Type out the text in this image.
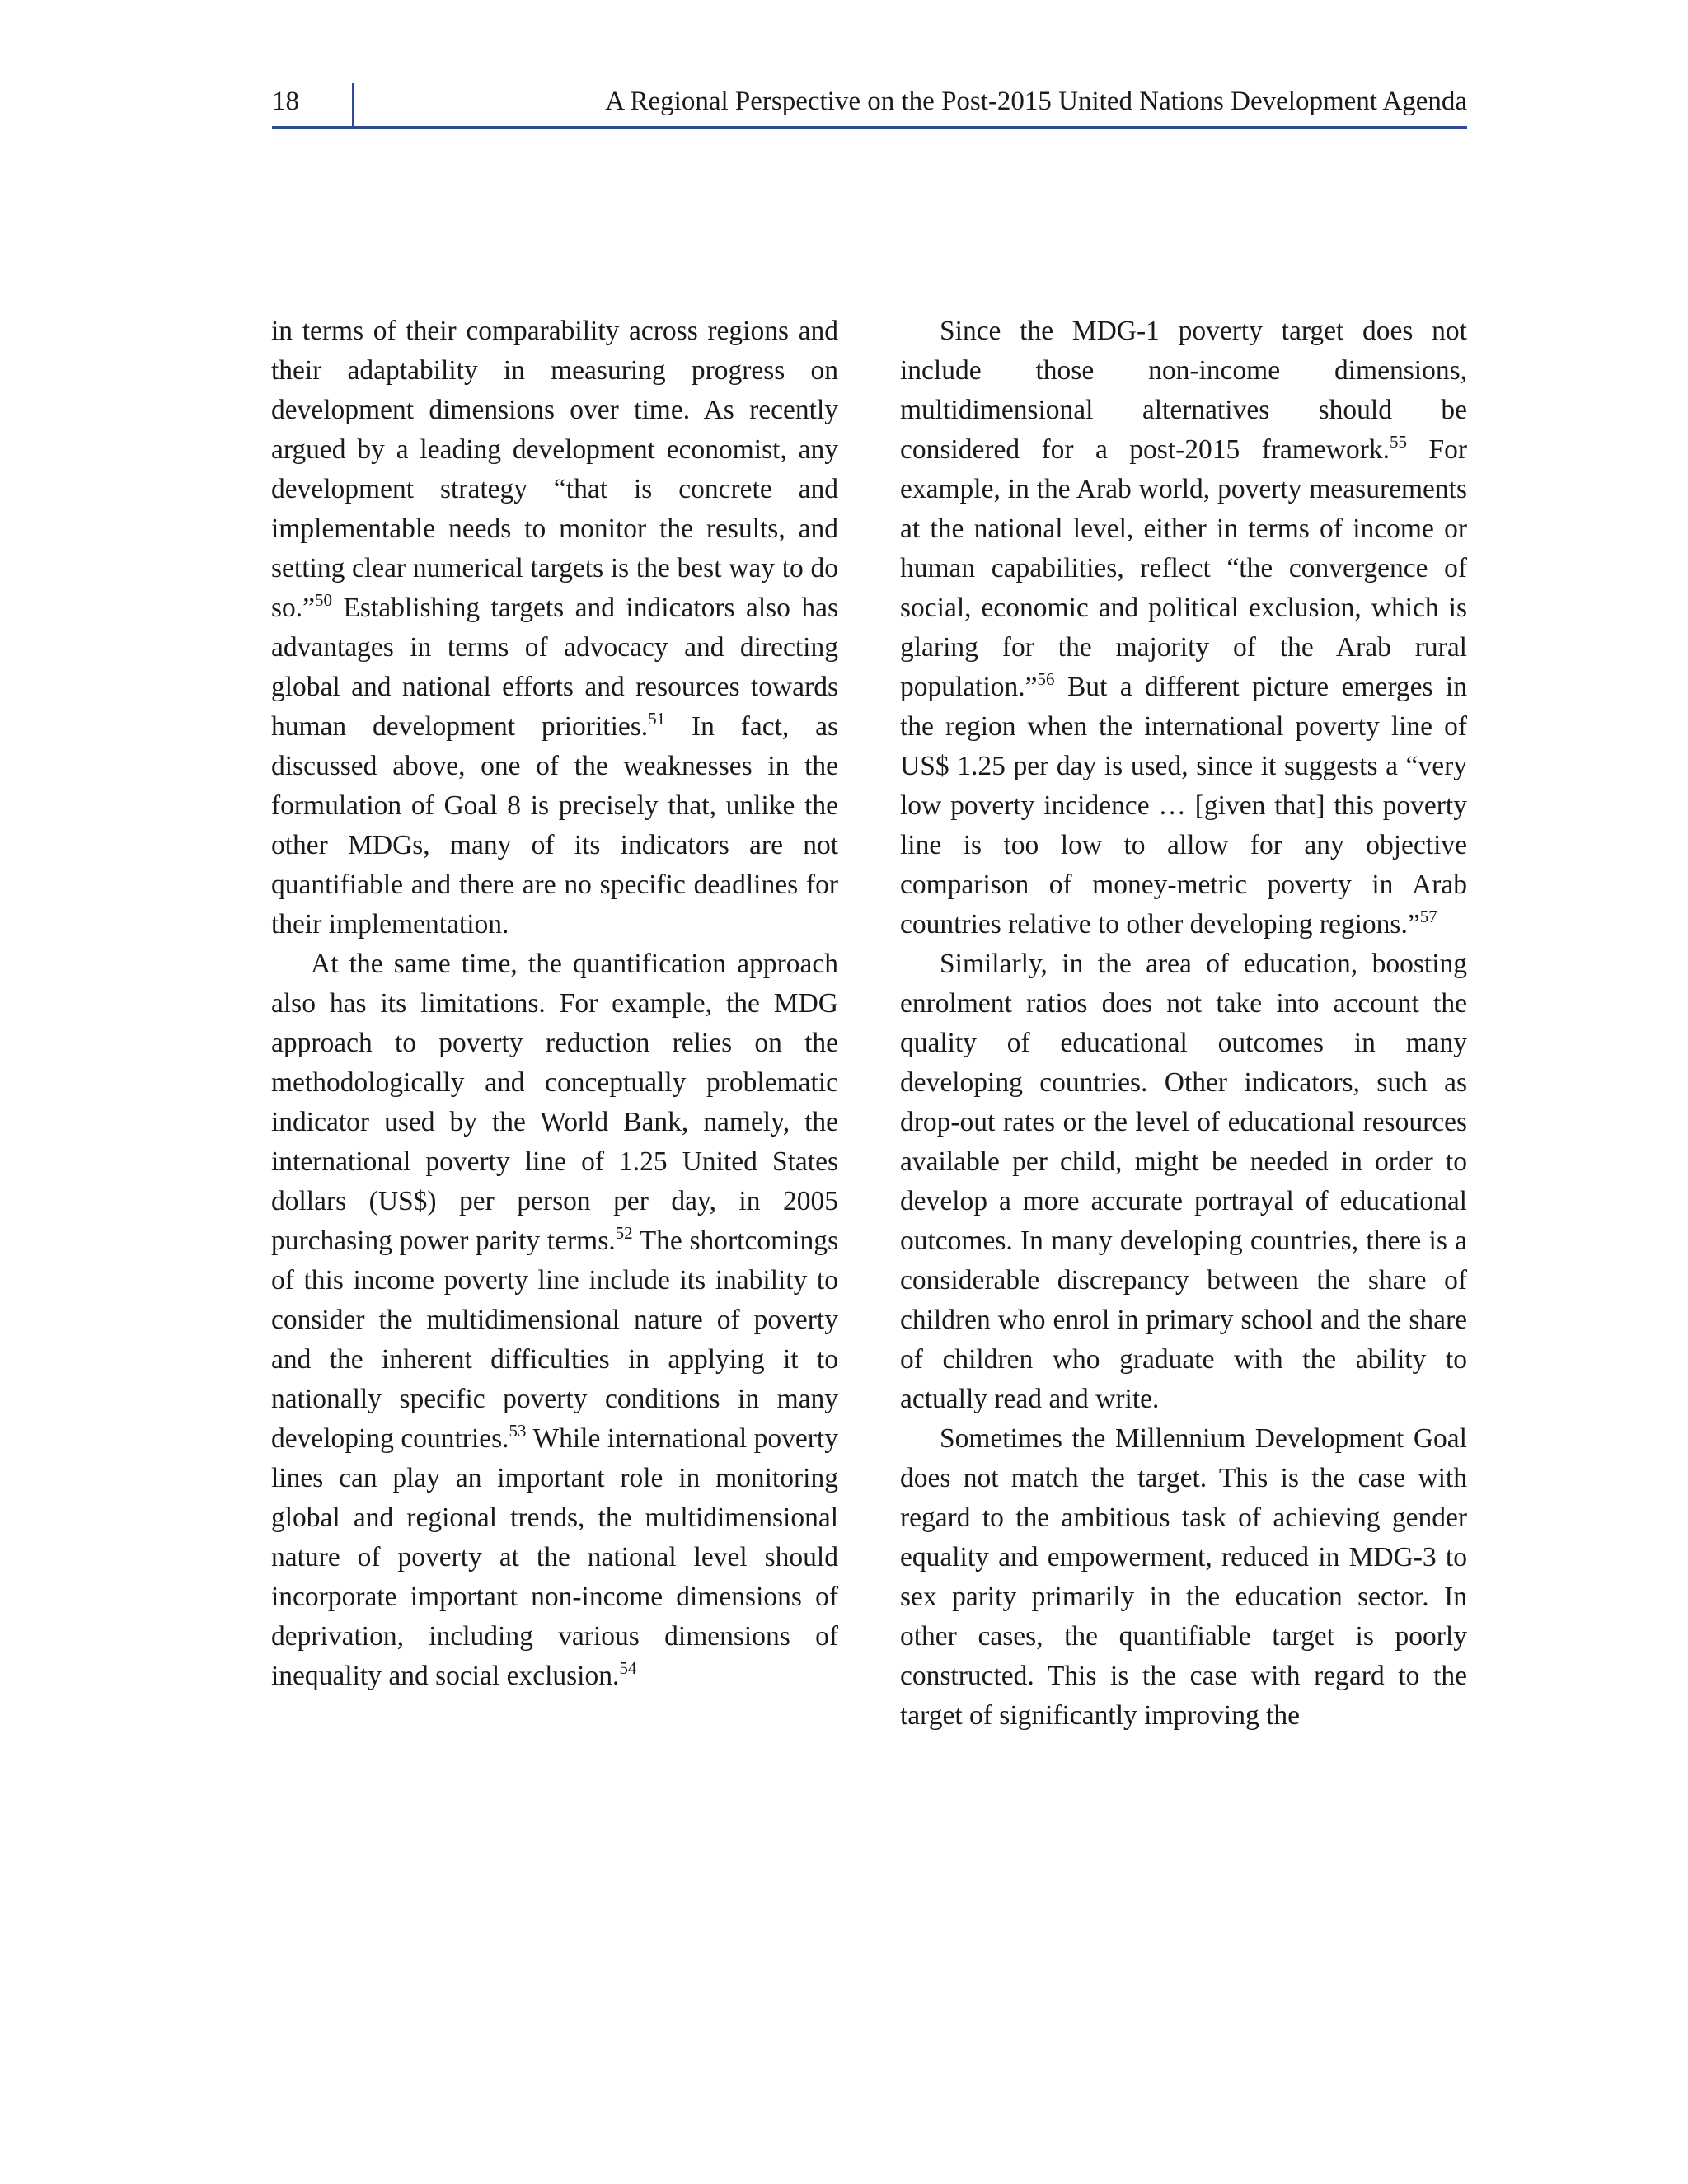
18	A Regional Perspective on the Post-2015 United Nations Development Agenda

in terms of their comparability across regions and their adaptability in measuring progress on development dimensions over time. As recently argued by a leading development economist, any development strategy “that is concrete and implementable needs to monitor the results, and setting clear numerical targets is the best way to do so.”$^{50}$ Establishing targets and indicators also has advantages in terms of advocacy and directing global and national efforts and resources towards human development priorities.$^{51}$ In fact, as discussed above, one of the weaknesses in the formulation of Goal 8 is precisely that, unlike the other MDGs, many of its indicators are not quantifiable and there are no specific deadlines for their implementation.

At the same time, the quantification approach also has its limitations. For example, the MDG approach to poverty reduction relies on the methodologically and conceptually problematic indicator used by the World Bank, namely, the international poverty line of 1.25 United States dollars (US$) per person per day, in 2005 purchasing power parity terms.$^{52}$ The shortcomings of this income poverty line include its inability to consider the multidimensional nature of poverty and the inherent difficulties in applying it to nationally specific poverty conditions in many developing countries.$^{53}$ While international poverty lines can play an important role in monitoring global and regional trends, the multidimensional nature of poverty at the national level should incorporate important non-income dimensions of deprivation, including various dimensions of inequality and social exclusion.$^{54}$

Since the MDG-1 poverty target does not include those non-income dimensions, multidimensional alternatives should be considered for a post-2015 framework.$^{55}$ For example, in the Arab world, poverty measurements at the national level, either in terms of income or human capabilities, reflect “the convergence of social, economic and political exclusion, which is glaring for the majority of the Arab rural population.”$^{56}$ But a different picture emerges in the region when the international poverty line of US$ 1.25 per day is used, since it suggests a “very low poverty incidence … [given that] this poverty line is too low to allow for any objective comparison of money-metric poverty in Arab countries relative to other developing regions.”$^{57}$

Similarly, in the area of education, boosting enrolment ratios does not take into account the quality of educational outcomes in many developing countries. Other indicators, such as drop-out rates or the level of educational resources available per child, might be needed in order to develop a more accurate portrayal of educational outcomes. In many developing countries, there is a considerable discrepancy between the share of children who enrol in primary school and the share of children who graduate with the ability to actually read and write.

Sometimes the Millennium Development Goal does not match the target. This is the case with regard to the ambitious task of achieving gender equality and empowerment, reduced in MDG-3 to sex parity primarily in the education sector. In other cases, the quantifiable target is poorly constructed. This is the case with regard to the target of significantly improving the
